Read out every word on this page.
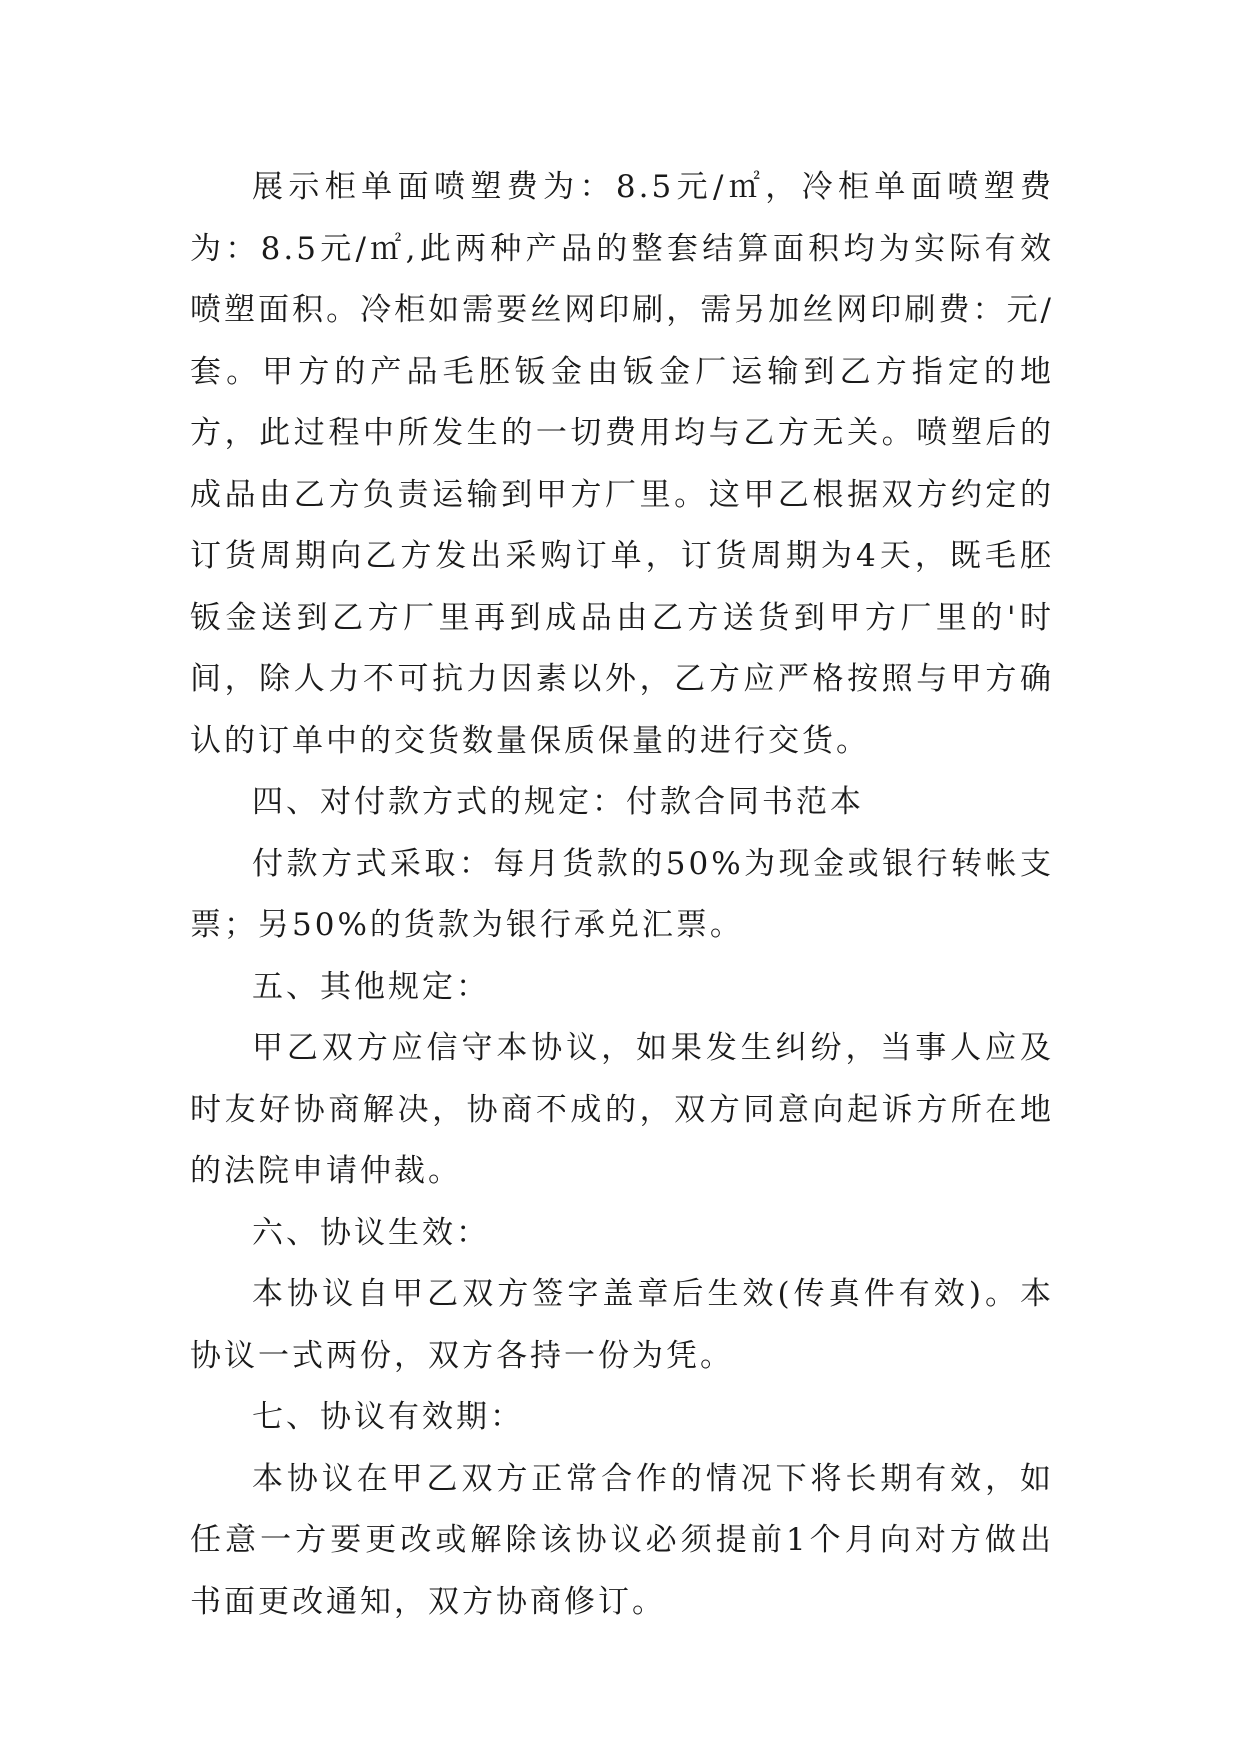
展示柜单面喷塑费为：8.5元/㎡，冷柜单面喷塑费为：8.5元/㎡,此两种产品的整套结算面积均为实际有效喷塑面积。冷柜如需要丝网印刷，需另加丝网印刷费：元/套。甲方的产品毛胚钣金由钣金厂运输到乙方指定的地方，此过程中所发生的一切费用均与乙方无关。喷塑后的成品由乙方负责运输到甲方厂里。这甲乙根据双方约定的订货周期向乙方发出采购订单，订货周期为4天，既毛胚钣金送到乙方厂里再到成品由乙方送货到甲方厂里的'时间，除人力不可抗力因素以外，乙方应严格按照与甲方确认的订单中的交货数量保质保量的进行交货。

四、对付款方式的规定：付款合同书范本

付款方式采取：每月货款的50%为现金或银行转帐支票；另50%的货款为银行承兑汇票。

五、其他规定：

甲乙双方应信守本协议，如果发生纠纷，当事人应及时友好协商解决，协商不成的，双方同意向起诉方所在地的法院申请仲裁。

六、协议生效：

本协议自甲乙双方签字盖章后生效(传真件有效)。本协议一式两份，双方各持一份为凭。

七、协议有效期：

本协议在甲乙双方正常合作的情况下将长期有效，如任意一方要更改或解除该协议必须提前1个月向对方做出书面更改通知，双方协商修订。
